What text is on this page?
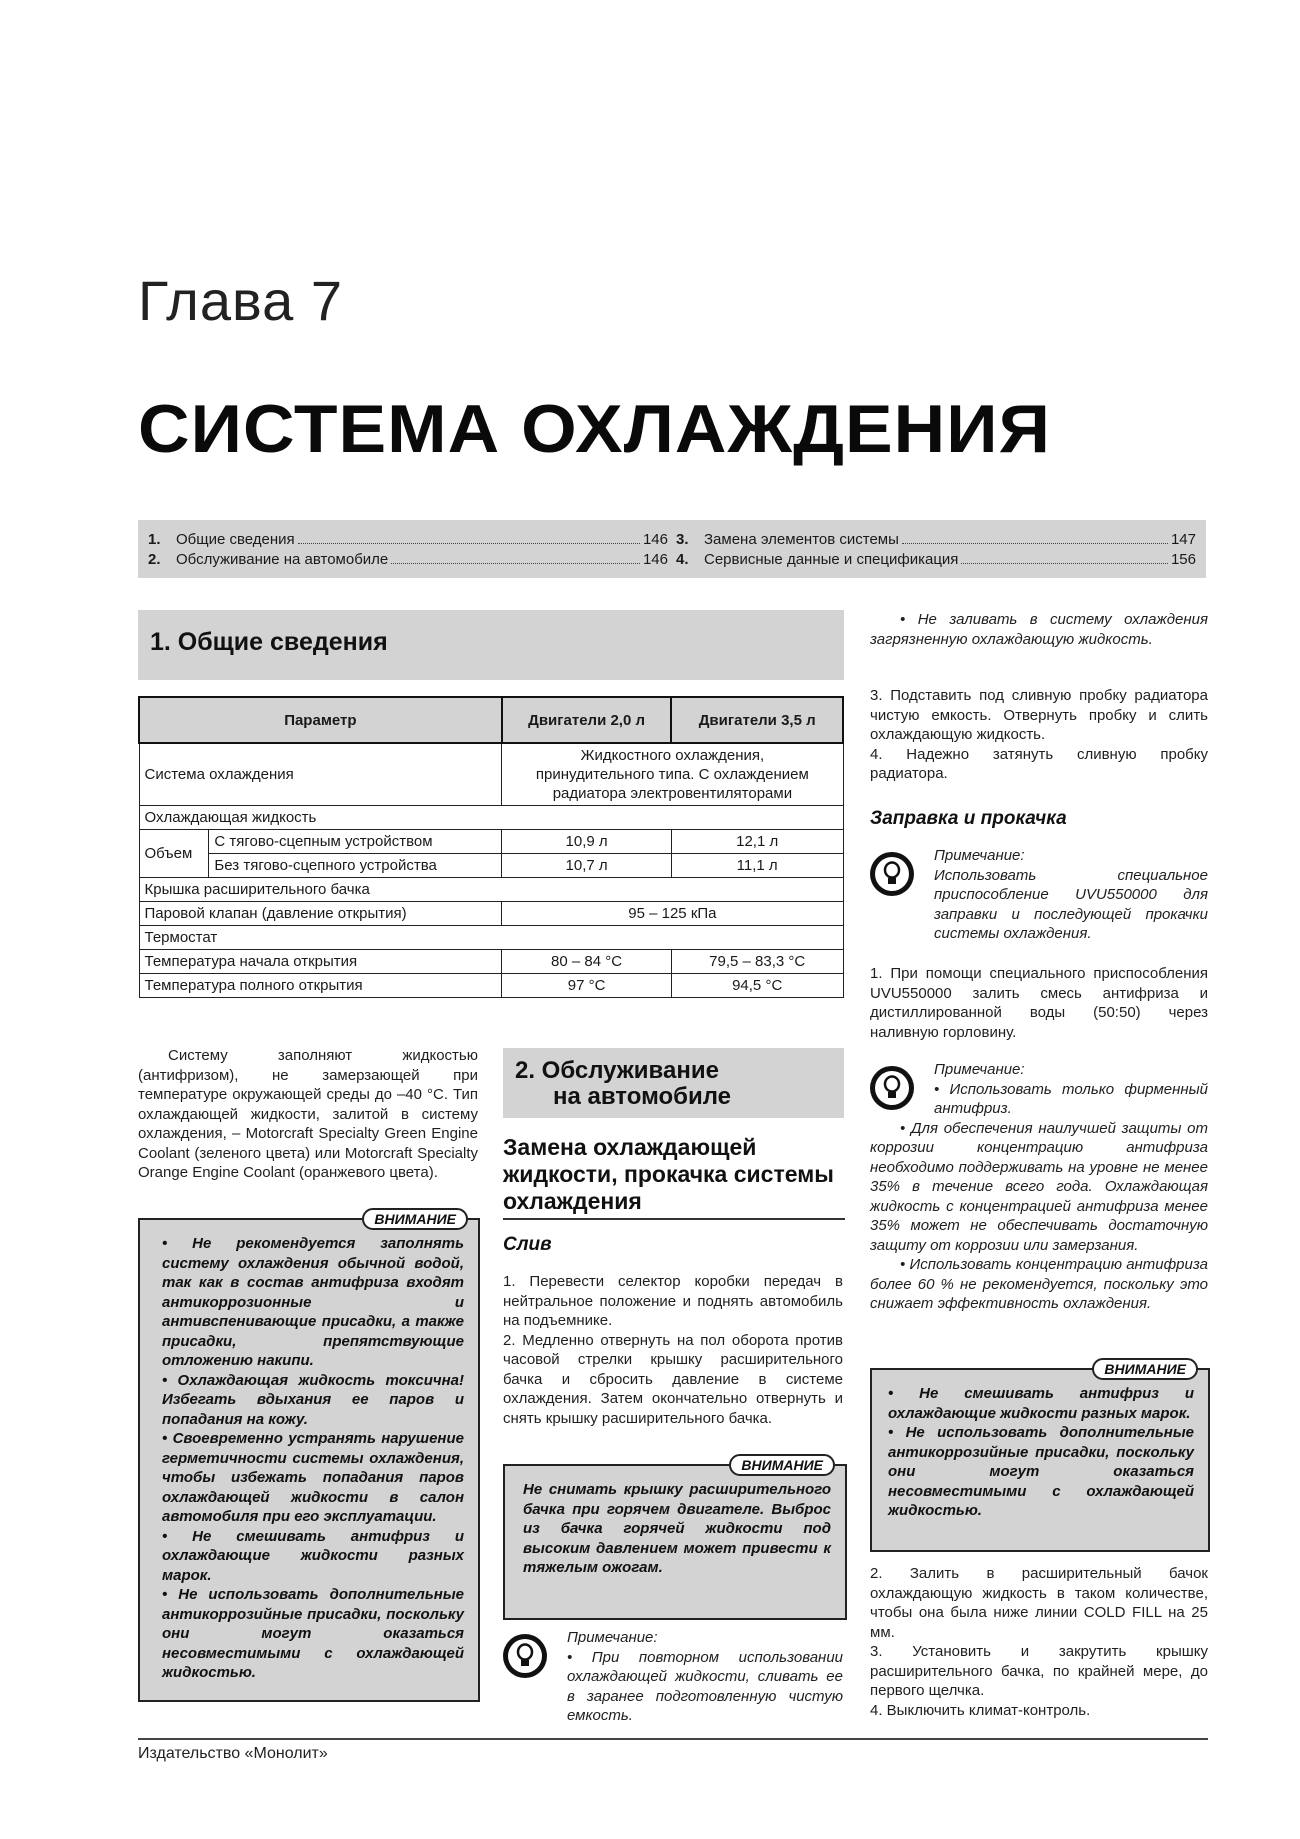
Глава 7
СИСТЕМА ОХЛАЖДЕНИЯ
1.	Общие сведения	146
2.	Обслуживание на автомобиле	146
3.	Замена элементов системы	147
4.	Сервисные данные и спецификация	156
1. Общие сведения
Параметр		Двигатели 2,0 л	Двигатели 3,5 л
Система охлаждения		Жидкостного охлаждения, принудительного типа. С охлаждением радиатора электровентиляторами	
Охлаждающая жидкость			
Объем	С тягово-сцепным устройством	10,9 л	12,1 л
	Без тягово-сцепного устройства	10,7 л	11,1 л
Крышка расширительного бачка			
Паровой клапан (давление открытия)		95 – 125 кПа	
Термостат			
Температура начала открытия		80 – 84 °С	79,5 – 83,3 °С
Температура полного открытия		97 °С	94,5 °С
Систему заполняют жидкостью (антифризом), не замерзающей при температуре окружающей среды до –40 °С. Тип охлаждающей жидкости, залитой в систему охлаждения, – Motorcraft Specialty Green Engine Coolant (зеленого цвета) или Motorcraft Specialty Orange Engine Coolant (оранжевого цвета).
ВНИМАНИЕ

• Не рекомендуется заполнять систему охлаждения обычной водой, так как в состав антифриза входят антикоррозионные и антивспенивающие присадки, а также присадки, препятствующие отложению накипи.

• Охлаждающая жидкость токсична! Избегать вдыхания ее паров и попадания на кожу.

• Своевременно устранять нарушение герметичности системы охлаждения, чтобы избежать попадания паров охлаждающей жидкости в салон автомобиля при его эксплуатации.

• Не смешивать антифриз и охлаждающие жидкости разных марок.

• Не использовать дополнительные антикоррозийные присадки, поскольку они могут оказаться несовместимыми с охлаждающей жидкостью.

2. Обслуживание
на автомобиле
Замена охлаждающей жидкости, прокачка системы охлаждения
Слив

1. Перевести селектор коробки передач в нейтральное положение и поднять автомобиль на подъемнике.

2. Медленно отвернуть на пол оборота против часовой стрелки крышку расширительного бачка и сбросить давление в системе охлаждения. Затем окончательно отвернуть и снять крышку расширительного бачка.

ВНИМАНИЕ

Не снимать крышку расширительного бачка при горячем двигателе. Выброс из бачка горячей жидкости под высоким давлением может привести к тяжелым ожогам.

Примечание:
• При повторном использовании охлаждающей жидкости, сливать ее в заранее подготовленную чистую емкость.
• Не заливать в систему охлаждения загрязненную охлаждающую жидкость.

3. Подставить под сливную пробку радиатора чистую емкость. Отвернуть пробку и слить охлаждающую жидкость.

4. Надежно затянуть сливную пробку радиатора.

Заправка и прокачка
Примечание:
Использовать специальное приспособление UVU550000 для заправки и последующей прокачки системы охлаждения.
1. При помощи специального приспособления UVU550000 залить смесь антифриза и дистиллированной воды (50:50) через наливную горловину.
Примечание:
• Использовать только фирменный антифриз.
• Для обеспечения наилучшей защиты от коррозии концентрацию антифриза необходимо поддерживать на уровне не менее 35% в течение всего года. Охлаждающая жидкость с концентрацией антифриза менее 35% может не обеспечивать достаточную защиту от коррозии или замерзания.
• Использовать концентрацию антифриза более 60 % не рекомендуется, поскольку это снижает эффективность охлаждения.
ВНИМАНИЕ

• Не смешивать антифриз и охлаждающие жидкости разных марок.

• Не использовать дополнительные антикоррозийные присадки, поскольку они могут оказаться несовместимыми с охлаждающей жидкостью.

2. Залить в расширительный бачок охлаждающую жидкость в таком количестве, чтобы она была ниже линии COLD FILL на 25 мм.

3. Установить и закрутить крышку расширительного бачка, по крайней мере, до первого щелчка.

4. Выключить климат-контроль.

Издательство «Монолит»
